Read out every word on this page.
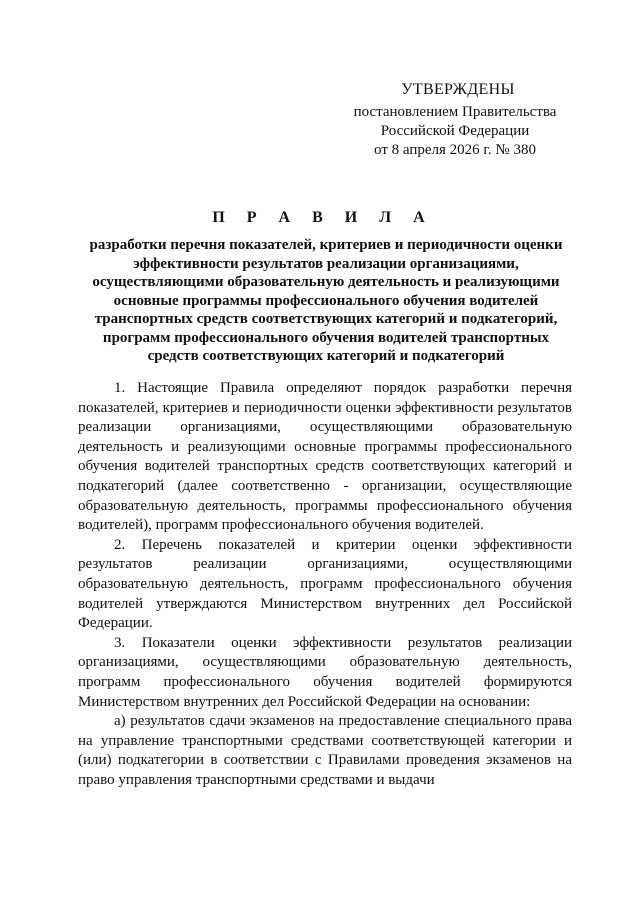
УТВЕРЖДЕНЫ
постановлением Правительства
Российской Федерации
от 8 апреля 2026 г. № 380
П Р А В И Л А
разработки перечня показателей, критериев и периодичности оценки эффективности результатов реализации организациями, осуществляющими образовательную деятельность и реализующими основные программы профессионального обучения водителей транспортных средств соответствующих категорий и подкатегорий, программ профессионального обучения водителей транспортных средств соответствующих категорий и подкатегорий

1. Настоящие Правила определяют порядок разработки перечня показателей, критериев и периодичности оценки эффективности результатов реализации организациями, осуществляющими образовательную деятельность и реализующими основные программы профессионального обучения водителей транспортных средств соответствующих категорий и подкатегорий (далее соответственно - организации, осуществляющие образовательную деятельность, программы профессионального обучения водителей), программ профессионального обучения водителей.

2. Перечень показателей и критерии оценки эффективности результатов реализации организациями, осуществляющими образовательную деятельность, программ профессионального обучения водителей утверждаются Министерством внутренних дел Российской Федерации.

3. Показатели оценки эффективности результатов реализации организациями, осуществляющими образовательную деятельность, программ профессионального обучения водителей формируются Министерством внутренних дел Российской Федерации на основании:

а) результатов сдачи экзаменов на предоставление специального права на управление транспортными средствами соответствующей категории и (или) подкатегории в соответствии с Правилами проведения экзаменов на право управления транспортными средствами и выдачи
